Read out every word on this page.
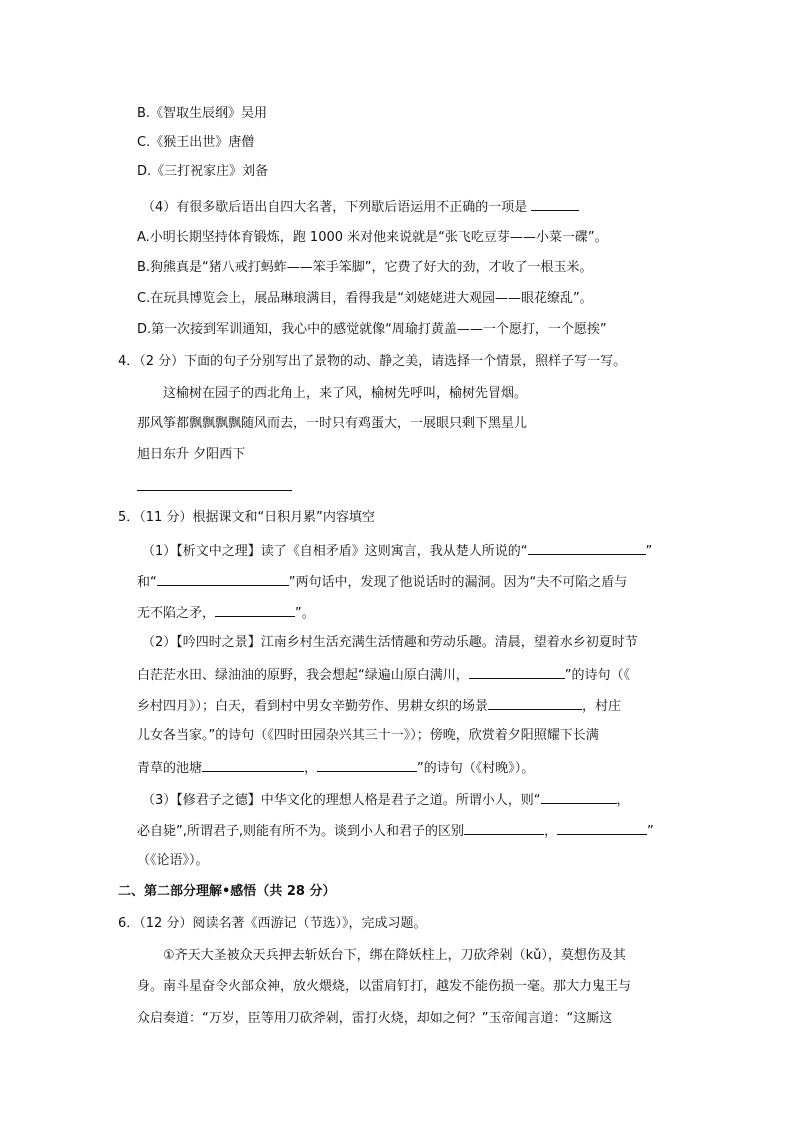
B.《智取生辰纲》吴用
C.《猴王出世》唐僧
D.《三打祝家庄》刘备
（4）有很多歇后语出自四大名著，下列歇后语运用不正确的一项是
A.小明长期坚持体育锻炼，跑 1000 米对他来说就是“张飞吃豆芽——小菜一碟”。
B.狗熊真是“猪八戒打蚂蚱——笨手笨脚”，它费了好大的劲，才收了一根玉米。
C.在玩具博览会上，展品琳琅满目，看得我是“刘姥姥进大观园——眼花缭乱”。
D.第一次接到军训通知，我心中的感觉就像“周瑜打黄盖——一个愿打，一个愿挨”
4．（2 分）下面的句子分别写出了景物的动、静之美，请选择一个情景，照样子写一写。
这榆树在园子的西北角上，来了风，榆树先呼叫，榆树先冒烟。
那风筝都飘飘飘飘随风而去，一时只有鸡蛋大，一展眼只剩下黑星儿
旭日东升 夕阳西下
5．（11 分）根据课文和“日积月累”内容填空
（1）【析文中之理】读了《自相矛盾》这则寓言，我从楚人所说的“	”
和“	”两句话中，发现了他说话时的漏洞。因为“夫不可陷之盾与
无不陷之矛，	”。
（2）【吟四时之景】江南乡村生活充满生活情趣和劳动乐趣。清晨，望着水乡初夏时节
白茫茫水田、绿油油的原野，我会想起“绿遍山原白满川，	”的诗句（《
乡村四月》）；白天，看到村中男女辛勤劳作、男耕女织的场景	，村庄
儿女各当家。”的诗句（《四时田园杂兴其三十一》）；傍晚，欣赏着夕阳照耀下长满
青草的池塘	，	”的诗句（《村晚》）。
（3）【修君子之德】中华文化的理想人格是君子之道。所谓小人，则“	，
必自毙”,所谓君子,则能有所不为。谈到小人和君子的区别	，	”
（《论语》）。
二、第二部分理解•感悟（共 28 分）
6．（12 分）阅读名著《西游记（节选）》，完成习题。
①齐天大圣被众天兵押去斩妖台下，绑在降妖柱上，刀砍斧剁（kǔ），莫想伤及其
身。南斗星奋令火部众神，放火煨烧，以雷肩钉打，越发不能伤损一毫。那大力鬼王与
众启奏道：“万岁，臣等用刀砍斧剁，雷打火烧，却如之何？”玉帝闻言道：“这厮这
